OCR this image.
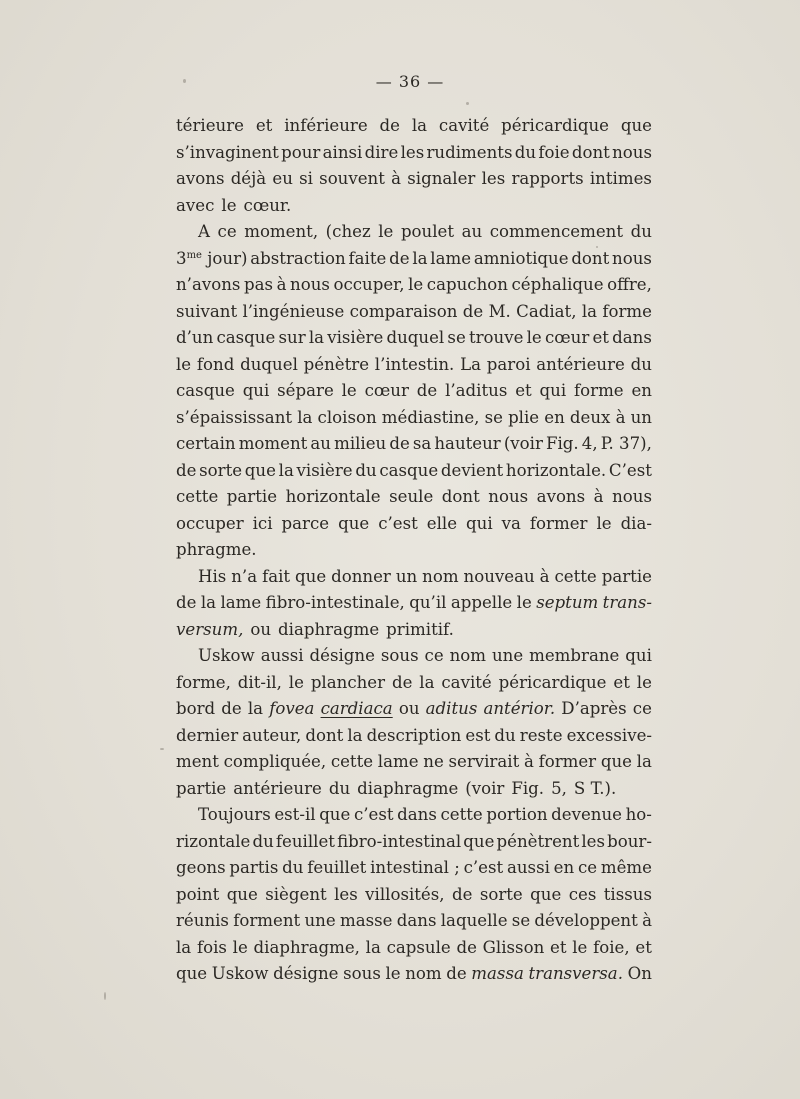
— 36 —
térieure et inférieure de la cavité péricardique que
s’invaginent pour ainsi dire les rudiments du foie dont nous
avons déjà eu si souvent à signaler les rapports intimes
avec le cœur.
A ce moment, (chez le poulet au commencement du
$3^{me}$ jour) abstraction faite de la lame amniotique dont nous
n’avons pas à nous occuper, le capuchon céphalique offre,
suivant l’ingénieuse comparaison de M. Cadiat, la forme
d’un casque sur la visière duquel se trouve le cœur et dans
le fond duquel pénètre l’intestin. La paroi antérieure du
casque qui sépare le cœur de l’aditus et qui forme en
s’épaississant la cloison médiastine, se plie en deux à un
certain moment au milieu de sa hauteur (voir Fig. 4, P. 37),
de sorte que la visière du casque devient horizontale. C’est
cette partie horizontale seule dont nous avons à nous
occuper ici parce que c’est elle qui va former le dia-
phragme.
His n’a fait que donner un nom nouveau à cette partie
de la lame fibro-intestinale, qu’il appelle le septum trans-
versum, ou diaphragme primitif.
Uskow aussi désigne sous ce nom une membrane qui
forme, dit-il, le plancher de la cavité péricardique et le
bord de la fovea cardiaca ou aditus antérior. D’après ce
dernier auteur, dont la description est du reste excessive-
ment compliquée, cette lame ne servirait à former que la
partie antérieure du diaphragme (voir Fig. 5, S T.).
Toujours est-il que c’est dans cette portion devenue ho-
rizontale du feuillet fibro-intestinal que pénètrent les bour-
geons partis du feuillet intestinal ; c’est aussi en ce même
point que siègent les villosités, de sorte que ces tissus
réunis forment une masse dans laquelle se développent à
la fois le diaphragme, la capsule de Glisson et le foie, et
que Uskow désigne sous le nom de massa transversa. On
